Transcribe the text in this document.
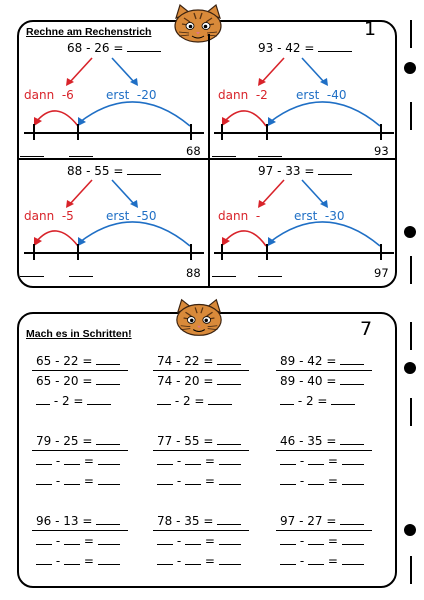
Rechne am Rechenstrich	1
68 - 26 =
dann -6	erst -20
68
93 - 42 =
dann -2 erst -40
93
88 - 55 =
dann -5	erst -50
88
97 - 33 =
dann -	erst -30
97
Mach es in Schritten!	7
65 - 22 =
65 - 20 =
- 2 =
74 - 22 =
74 - 20 =
- 2 =
89 - 42 =
89 - 40 =
- 2 =
79 - 25 =
- =
- =
77 - 55 =
- =
- =
46 - 35 =
- =
- =
96 - 13 =
- =
- =
78 - 35 =
- =
- =
97 - 27 =
- =
- =
